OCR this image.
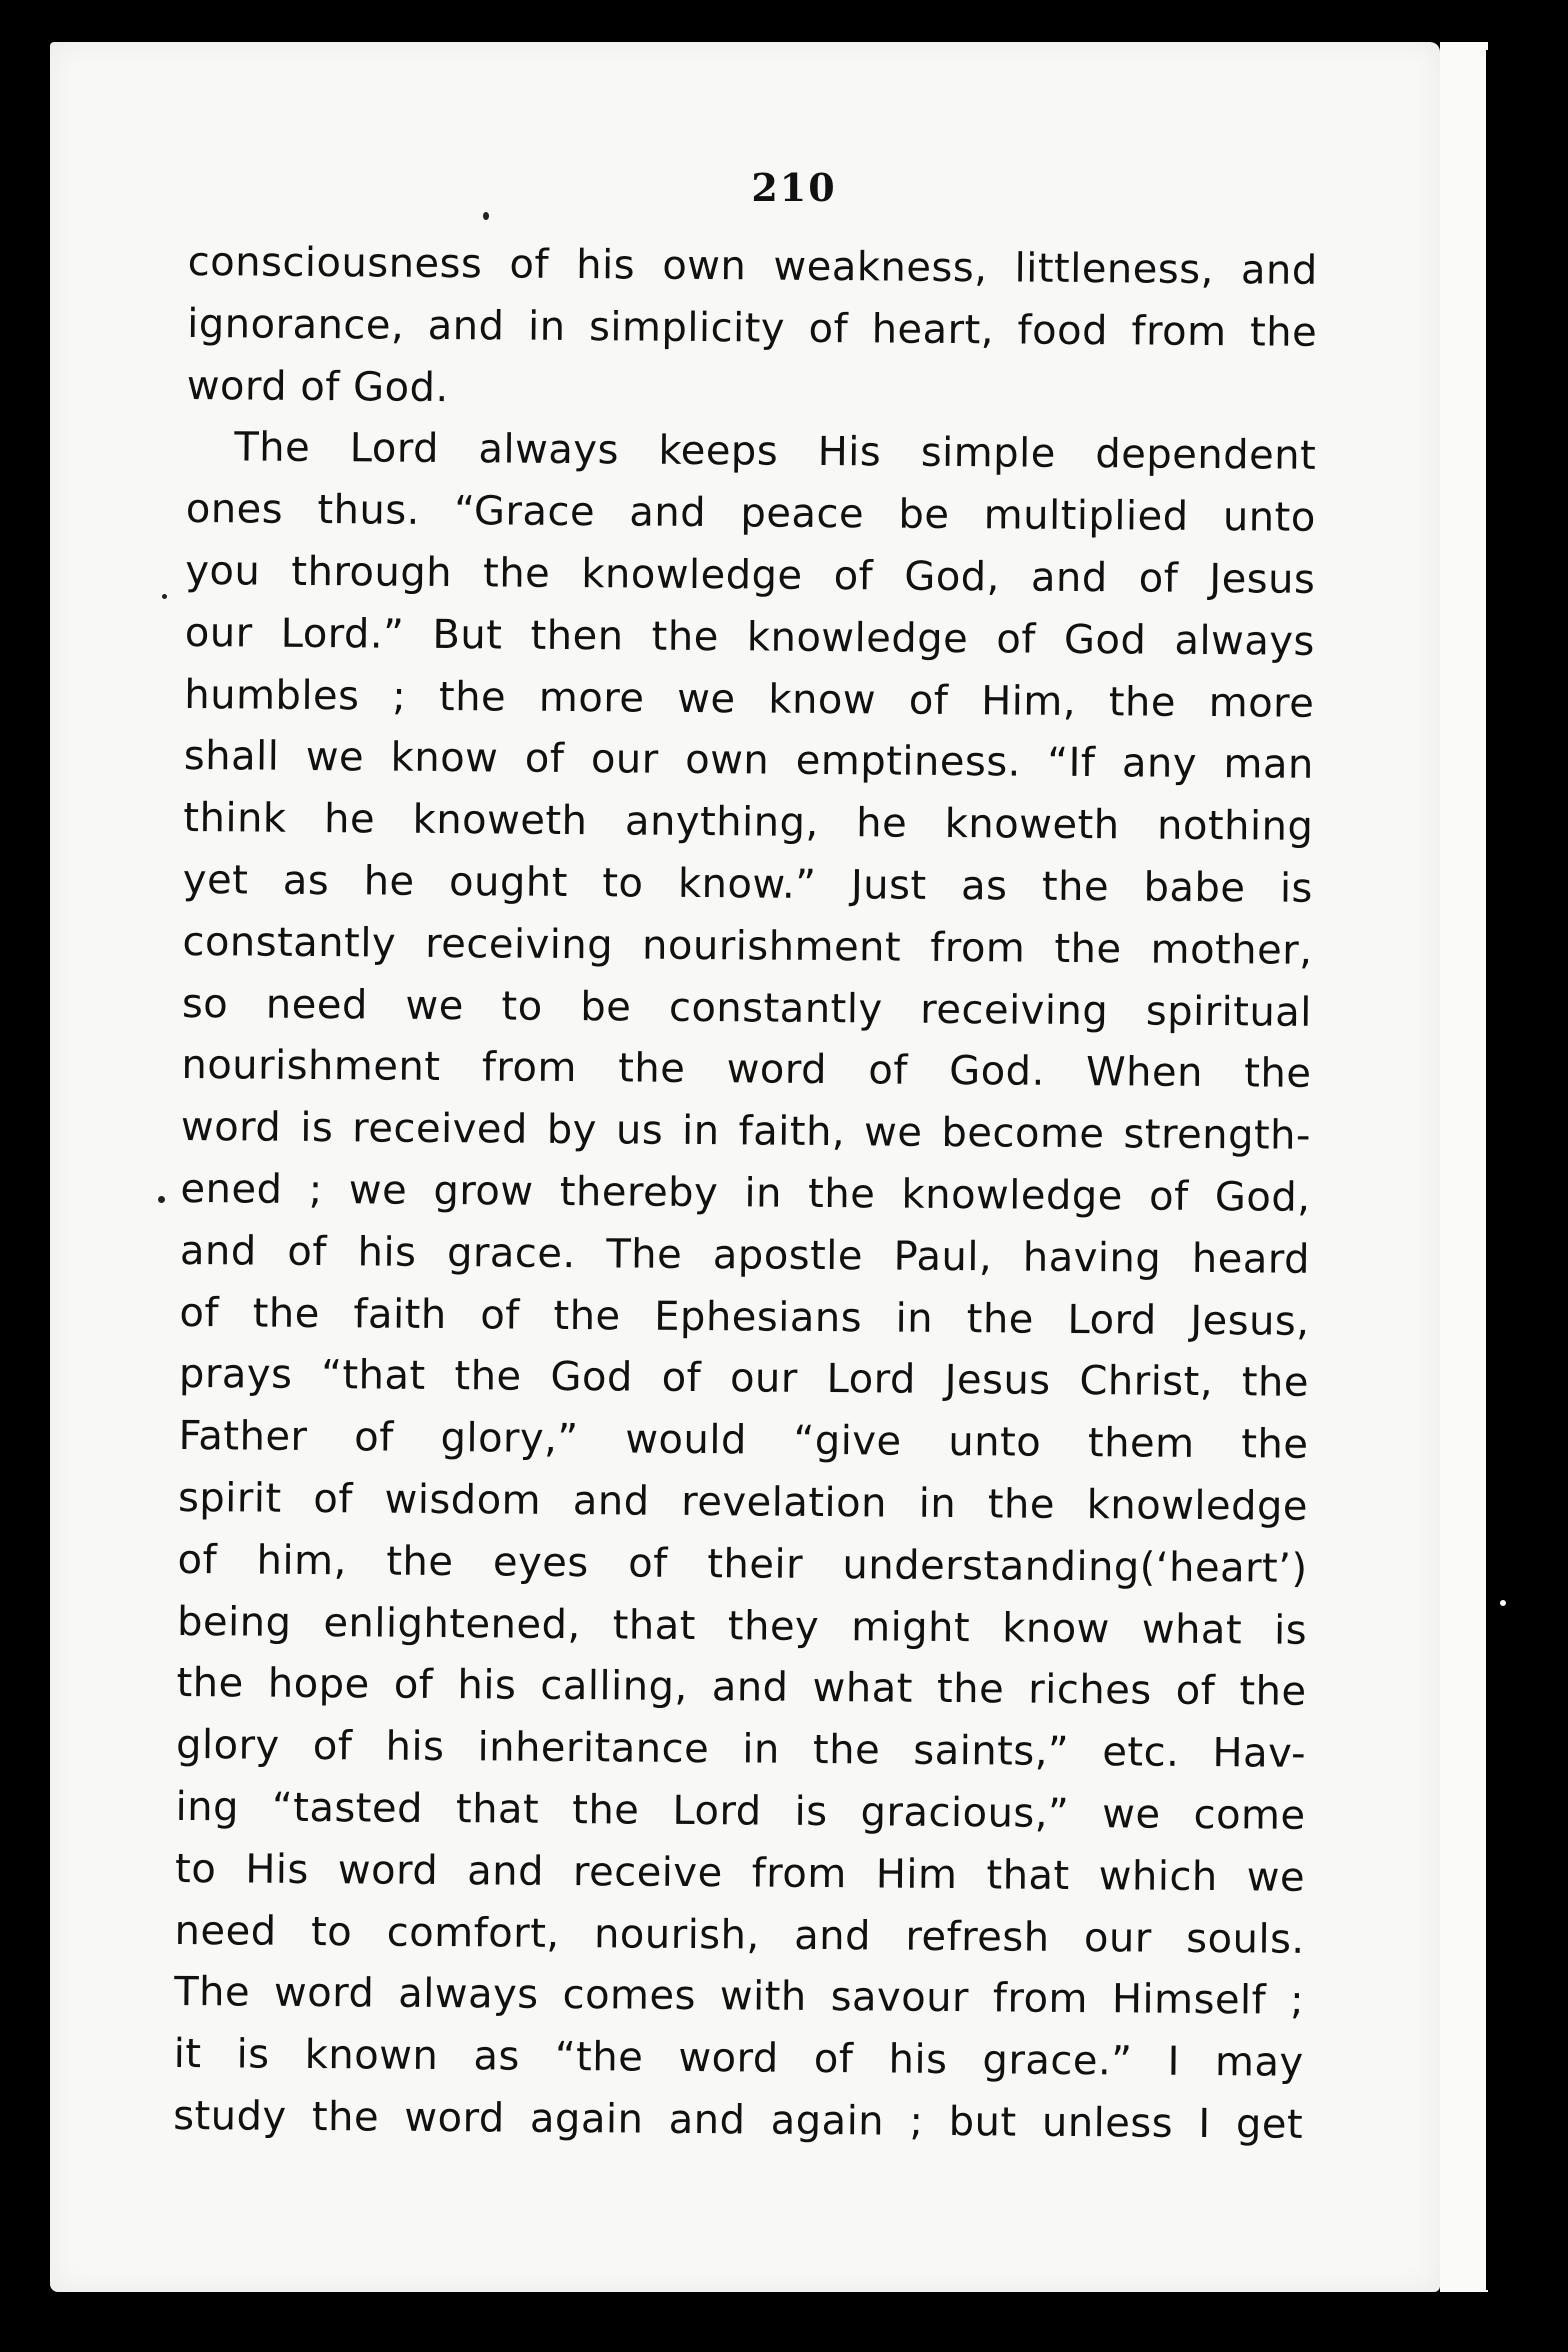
210
consciousness of his own weakness, littleness, and
ignorance, and in simplicity of heart, food from the
word of God.
The Lord always keeps His simple dependent
ones thus. “Grace and peace be multiplied unto
you through the knowledge of God, and of Jesus
our Lord.” But then the knowledge of God always
humbles ; the more we know of Him, the more
shall we know of our own emptiness. “If any man
think he knoweth anything, he knoweth nothing
yet as he ought to know.” Just as the babe is
constantly receiving nourishment from the mother,
so need we to be constantly receiving spiritual
nourishment from the word of God. When the
word is received by us in faith, we become strength-
ened ; we grow thereby in the knowledge of God,
and of his grace. The apostle Paul, having heard
of the faith of the Ephesians in the Lord Jesus,
prays “that the God of our Lord Jesus Christ, the
Father of glory,” would “give unto them the
spirit of wisdom and revelation in the knowledge
of him, the eyes of their understanding(‘heart’)
being enlightened, that they might know what is
the hope of his calling, and what the riches of the
glory of his inheritance in the saints,” etc. Hav-
ing “tasted that the Lord is gracious,” we come
to His word and receive from Him that which we
need to comfort, nourish, and refresh our souls.
The word always comes with savour from Himself ;
it is known as “the word of his grace.” I may
study the word again and again ; but unless I get
